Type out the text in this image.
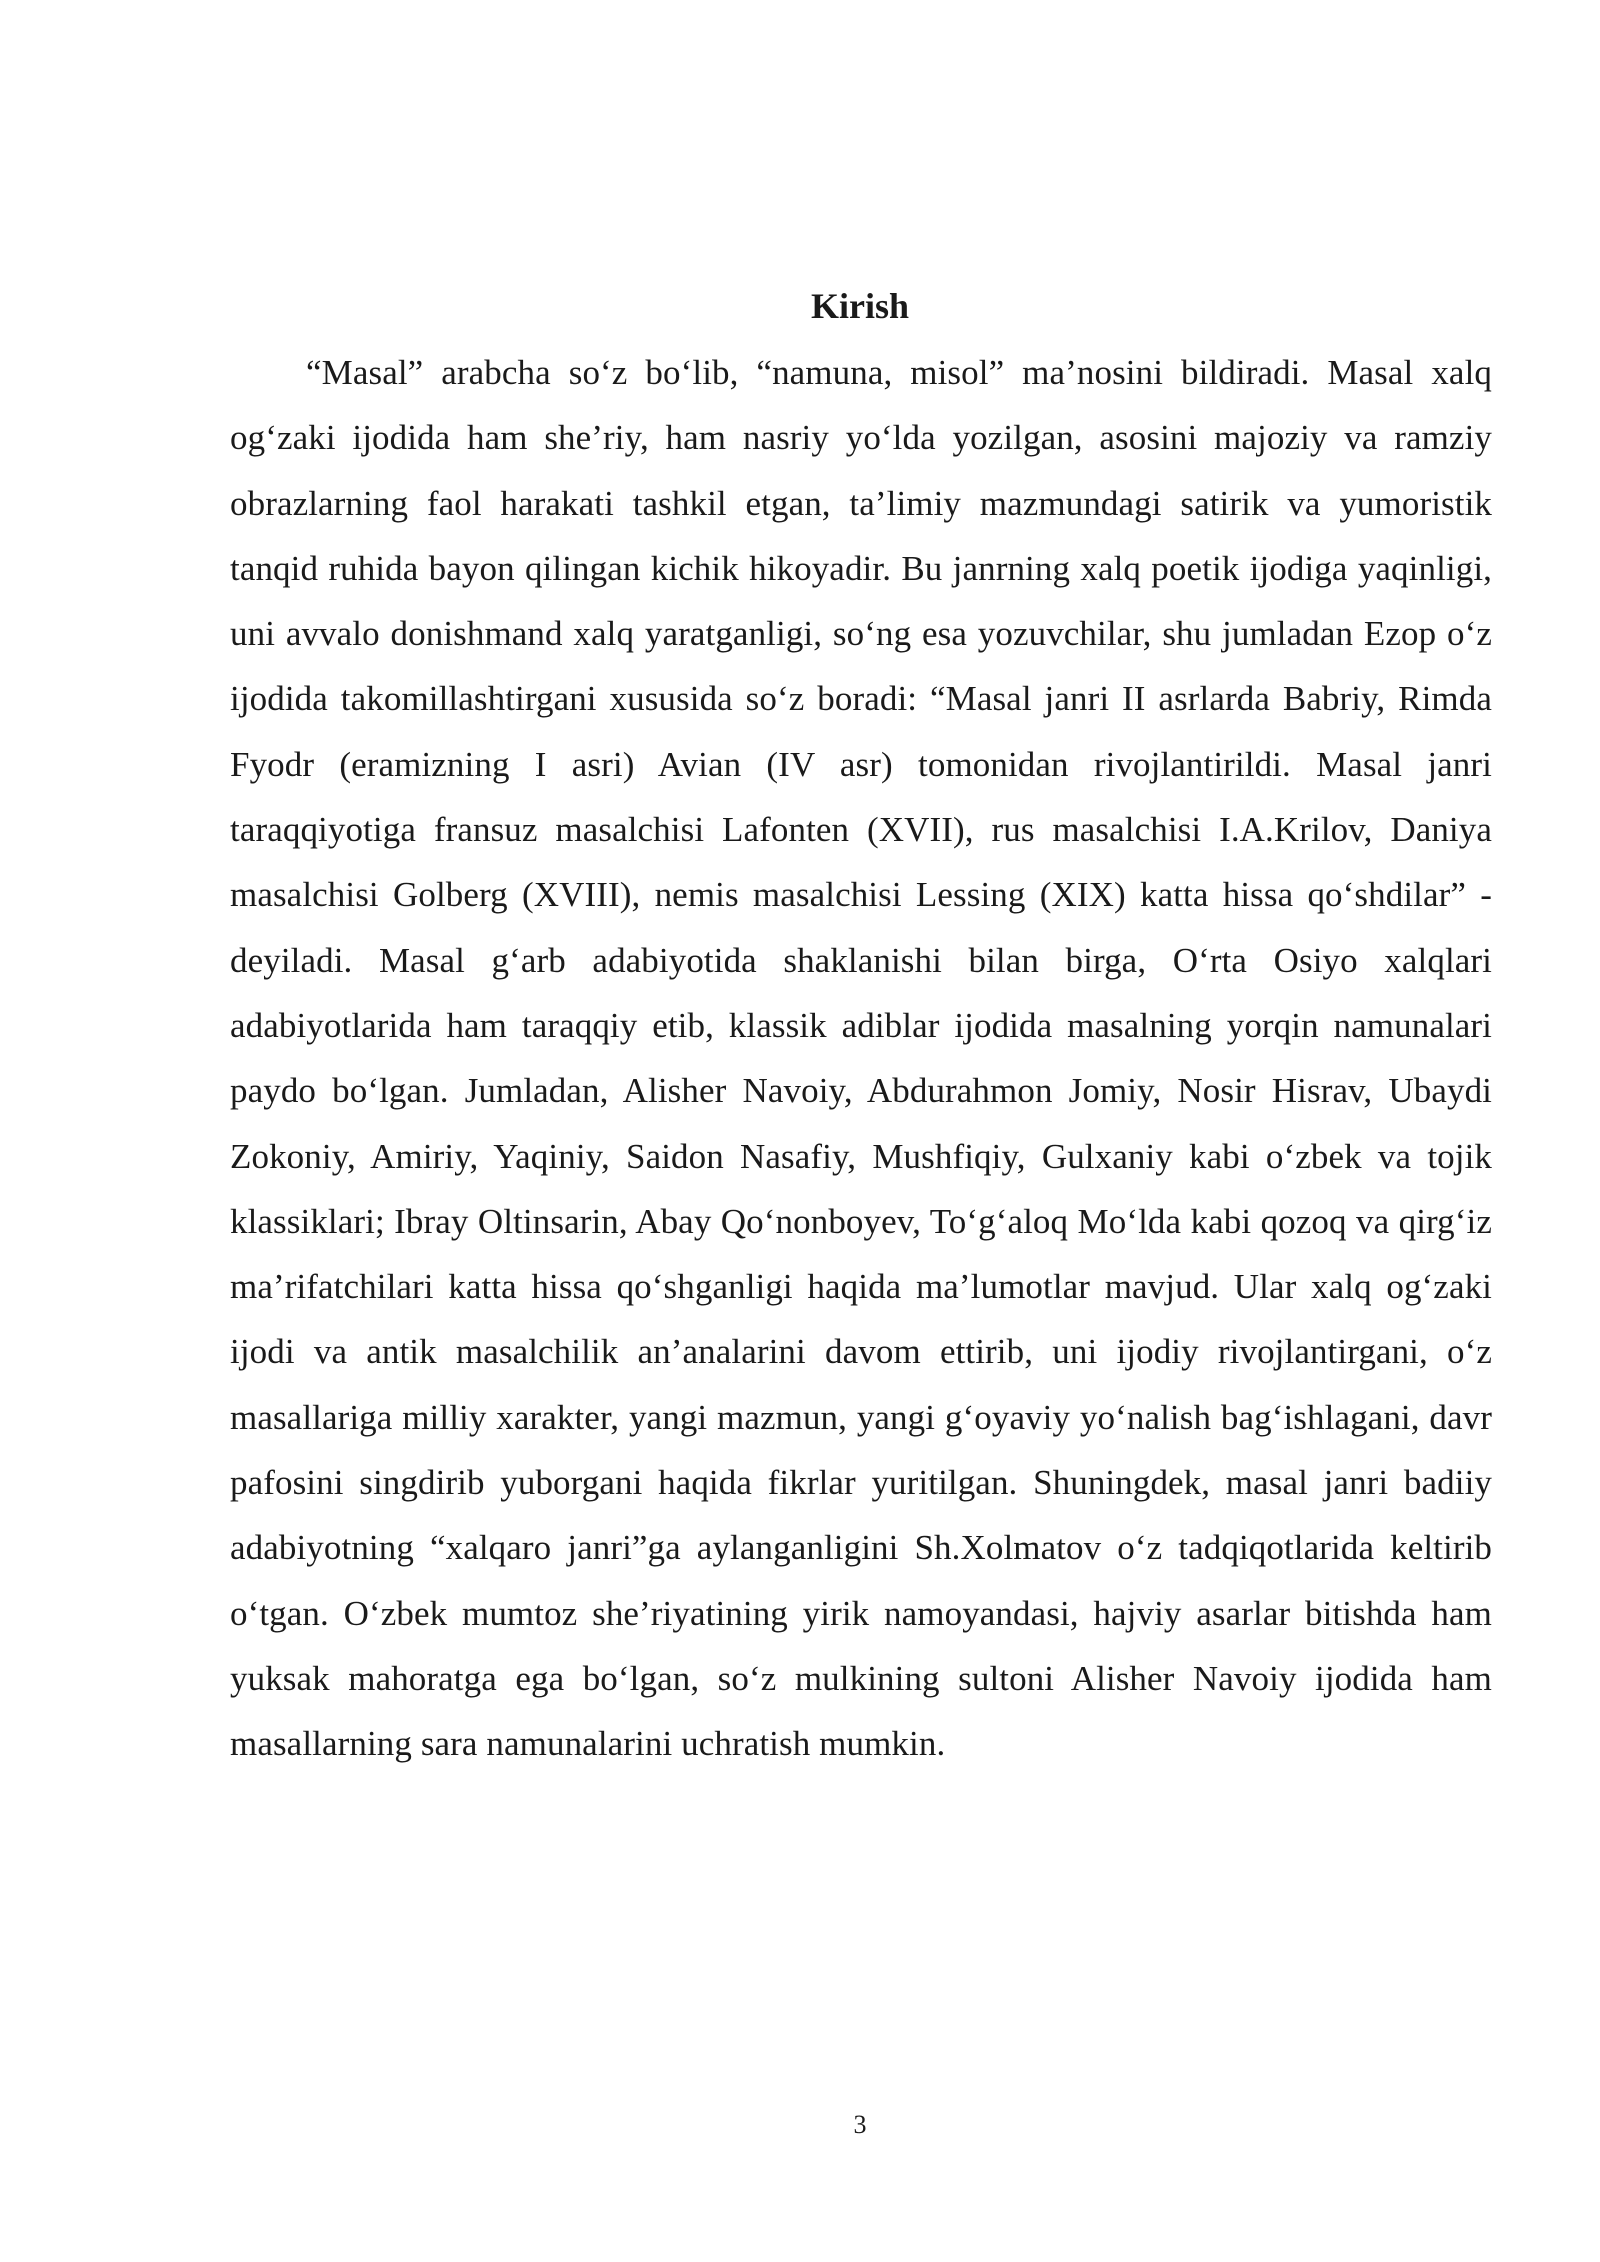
Kirish

“Masal” arabcha so‘z bo‘lib, “namuna, misol” ma’nosini bildiradi. Masal xalq og‘zaki ijodida ham she’riy, ham nasriy yo‘lda yozilgan, asosini majoziy va ramziy obrazlarning faol harakati tashkil etgan, ta’limiy mazmundagi satirik va yumoristik tanqid ruhida bayon qilingan kichik hikoyadir. Bu janrning xalq poetik ijodiga yaqinligi, uni avvalo donishmand xalq yaratganligi, so‘ng esa yozuvchilar, shu jumladan Ezop o‘z ijodida takomillashtirgani xususida so‘z boradi: “Masal janri II asrlarda Babriy, Rimda Fyodr (eramizning I asri) Avian (IV asr) tomonidan rivojlantirildi. Masal janri taraqqiyotiga fransuz masalchisi Lafonten (XVII), rus masalchisi I.A.Krilov, Daniya masalchisi Golberg (XVIII), nemis masalchisi Lessing (XIX) katta hissa qo‘shdilar” - deyiladi. Masal g‘arb adabiyotida shaklanishi bilan birga, O‘rta Osiyo xalqlari adabiyotlarida ham taraqqiy etib, klassik adiblar ijodida masalning yorqin namunalari paydo bo‘lgan. Jumladan, Alisher Navoiy, Abdurahmon Jomiy, Nosir Hisrav, Ubaydi Zokoniy, Amiriy, Yaqiniy, Saidon Nasafiy, Mushfiqiy, Gulxaniy kabi o‘zbek va tojik klassiklari; Ibray Oltinsarin, Abay Qo‘nonboyev, To‘g‘aloq Mo‘lda kabi qozoq va qirg‘iz ma’rifatchilari katta hissa qo‘shganligi haqida ma’lumotlar mavjud. Ular xalq og‘zaki ijodi va antik masalchilik an’analarini davom ettirib, uni ijodiy rivojlantirgani, o‘z masallariga milliy xarakter, yangi mazmun, yangi g‘oyaviy yo‘nalish bag‘ishlagani, davr pafosini singdirib yuborgani haqida fikrlar yuritilgan. Shuningdek, masal janri badiiy adabiyotning “xalqaro janri”ga aylanganligini Sh.Xolmatov o‘z tadqiqotlarida keltirib o‘tgan. O‘zbek mumtoz she’riyatining yirik namoyandasi, hajviy asarlar bitishda ham yuksak mahoratga ega bo‘lgan, so‘z mulkining sultoni Alisher Navoiy ijodida ham masallarning sara namunalarini uchratish mumkin.

3
